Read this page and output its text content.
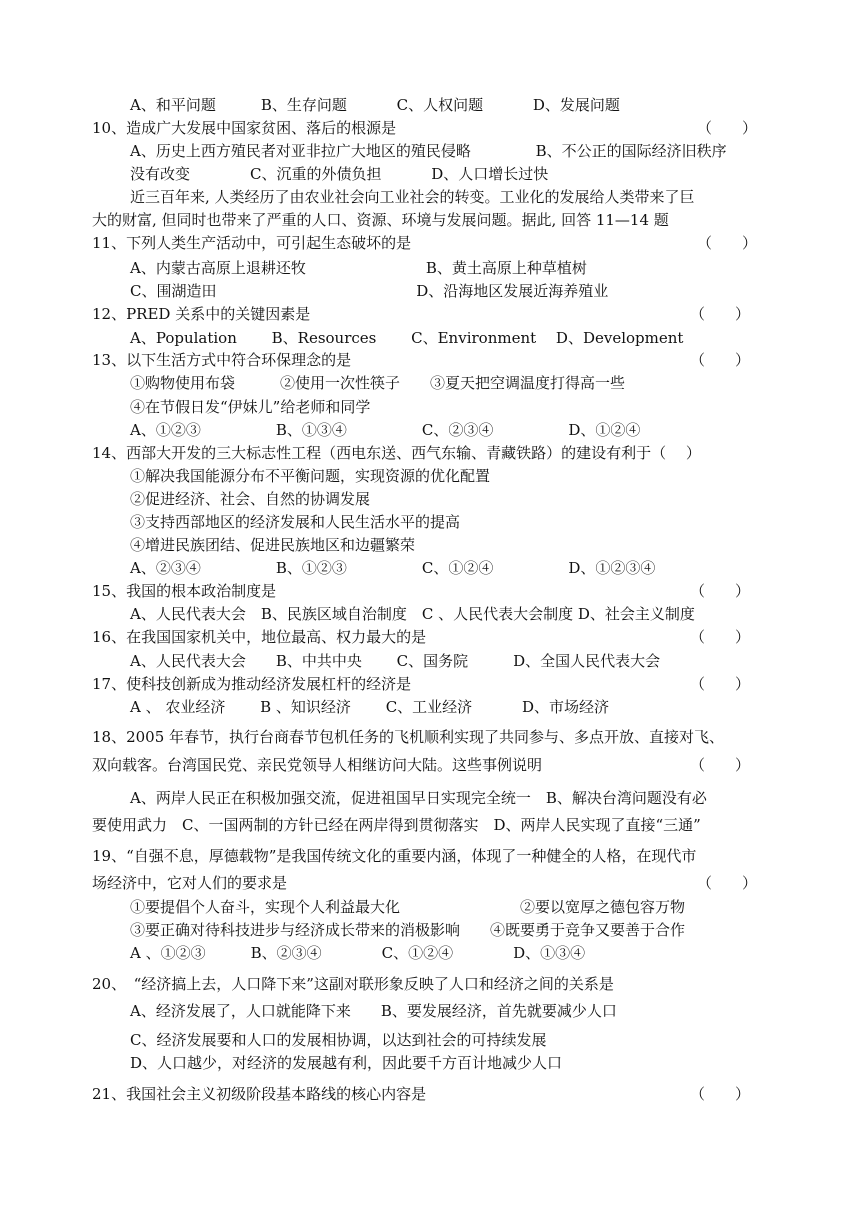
A、和平问题　　　B、生存问题　　　 C、人权问题　　　 D、发展问题
10、造成广大发展中国家贫困、落后的根源是	（　　）
A、历史上西方殖民者对亚非拉广大地区的殖民侵略　　　　 B、不公正的国际经济旧秩序
没有改变　　　　C、沉重的外债负担　　　 D、人口增长过快
近三百年来, 人类经历了由农业社会向工业社会的转变。工业化的发展给人类带来了巨
大的财富, 但同时也带来了严重的人口、资源、环境与发展问题。据此, 回答 11—14 题
11、下列人类生产活动中，可引起生态破坏的是	（　　）
A、内蒙古高原上退耕还牧　　　　　　　　B、黄土高原上种草植树
C、围湖造田　　　　　　　　　　　　　 D、沿海地区发展近海养殖业
12、PRED 关系中的关键因素是	（　　）
A、Population　　 B、Resources　　 C、Environment　 D、Development
13、以下生活方式中符合环保理念的是	（　　）
①购物使用布袋　　　②使用一次性筷子　　③夏天把空调温度打得高一些
④在节假日发“伊妹儿”给老师和同学
A、①②③　　　　　B、①③④　　　　　C、②③④　　　　　D、①②④
14、西部大开发的三大标志性工程（西电东送、西气东输、青藏铁路）的建设有利于（　 ）
①解决我国能源分布不平衡问题，实现资源的优化配置
②促进经济、社会、自然的协调发展
③支持西部地区的经济发展和人民生活水平的提高
④增进民族团结、促进民族地区和边疆繁荣
A、②③④　　　　　B、①②③　　　　　C、①②④　　　　　D、①②③④
15、我国的根本政治制度是	（　　）
A、人民代表大会　B、民族区域自治制度　C 、人民代表大会制度 D、社会主义制度
16、在我国国家机关中，地位最高、权力最大的是	（　　）
A、人民代表大会　　B、中共中央　　 C、国务院　　　D、全国人民代表大会
17、使科技创新成为推动经济发展杠杆的经济是	（　　）
A 、 农业经济　　 B 、知识经济　　 C、工业经济　　　 D、市场经济
18、2005 年春节，执行台商春节包机任务的飞机顺利实现了共同参与、多点开放、直接对飞、
双向载客。台湾国民党、亲民党领导人相继访问大陆。这些事例说明	（　　）
A、两岸人民正在积极加强交流，促进祖国早日实现完全统一　B、解决台湾问题没有必
要使用武力　C、一国两制的方针已经在两岸得到贯彻落实　D、两岸人民实现了直接“三通”
19、“自强不息，厚德载物”是我国传统文化的重要内涵，体现了一种健全的人格，在现代市
场经济中，它对人们的要求是	（　　）
①要提倡个人奋斗，实现个人利益最大化　　　　　　　　②要以宽厚之德包容万物
③要正确对待科技进步与经济成长带来的消极影响　　④既要勇于竞争又要善于合作
A 、①②③　　　B、②③④　　　　C、①②④　　　　D、①③④
20、　“经济搞上去，人口降下来”这副对联形象反映了人口和经济之间的关系是
A、经济发展了，人口就能降下来　　B、要发展经济，首先就要减少人口
C、经济发展要和人口的发展相协调，以达到社会的可持续发展
D、人口越少，对经济的发展越有利，因此要千方百计地减少人口
21、我国社会主义初级阶段基本路线的核心内容是	（　　）
